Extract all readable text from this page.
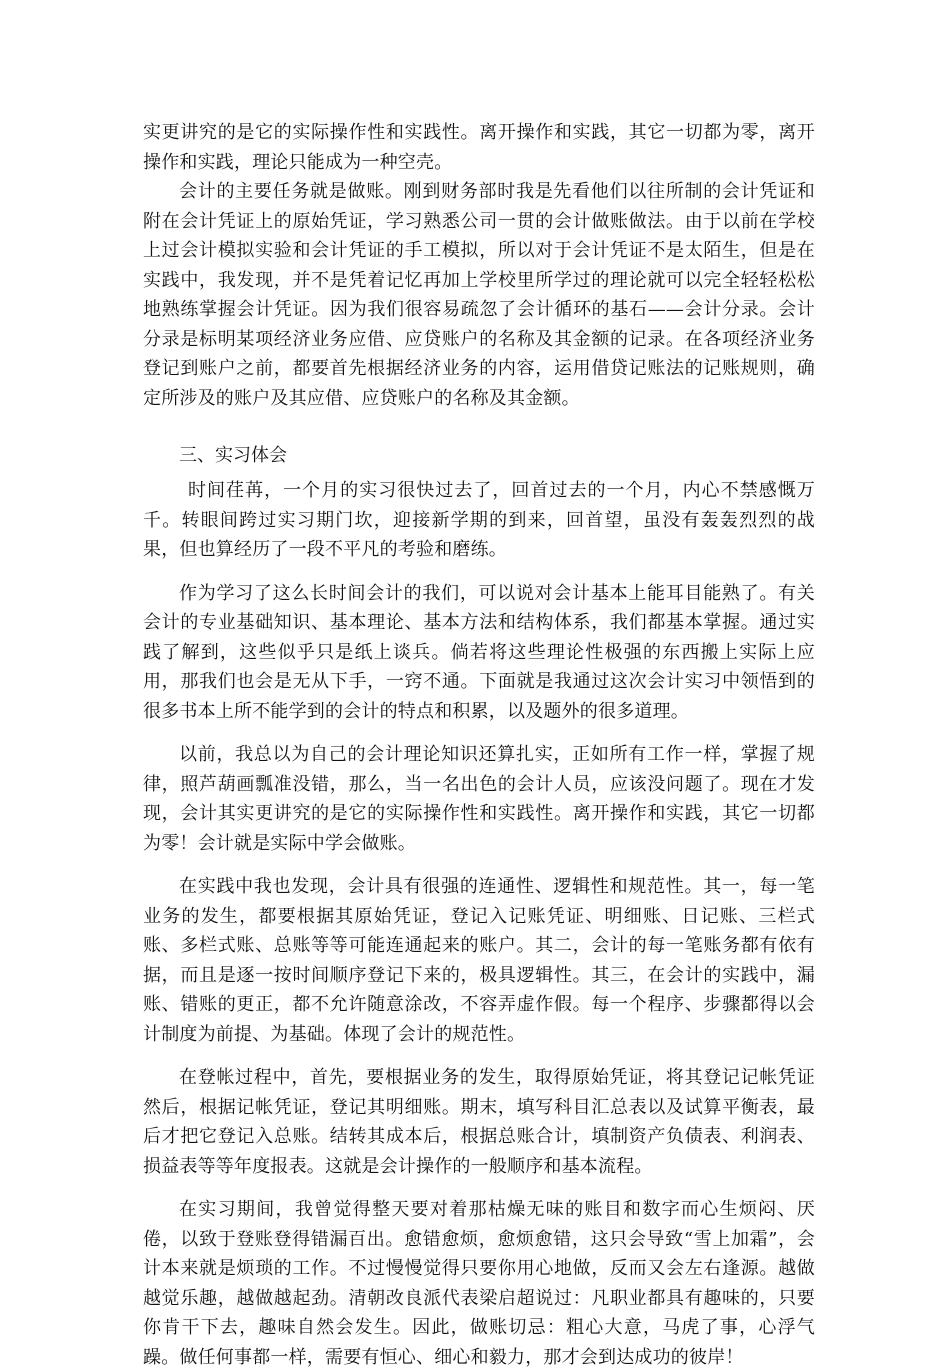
实更讲究的是它的实际操作性和实践性。离开操作和实践，其它一切都为零，离开操作和实践，理论只能成为一种空壳。

会计的主要任务就是做账。刚到财务部时我是先看他们以往所制的会计凭证和附在会计凭证上的原始凭证，学习熟悉公司一贯的会计做账做法。由于以前在学校上过会计模拟实验和会计凭证的手工模拟，所以对于会计凭证不是太陌生，但是在实践中，我发现，并不是凭着记忆再加上学校里所学过的理论就可以完全轻轻松松地熟练掌握会计凭证。因为我们很容易疏忽了会计循环的基石——会计分录。会计分录是标明某项经济业务应借、应贷账户的名称及其金额的记录。在各项经济业务登记到账户之前，都要首先根据经济业务的内容，运用借贷记账法的记账规则，确定所涉及的账户及其应借、应贷账户的名称及其金额。

三、实习体会

时间荏苒，一个月的实习很快过去了，回首过去的一个月，内心不禁感慨万千。转眼间跨过实习期门坎，迎接新学期的到来，回首望，虽没有轰轰烈烈的战果，但也算经历了一段不平凡的考验和磨练。

作为学习了这么长时间会计的我们，可以说对会计基本上能耳目能熟了。有关会计的专业基础知识、基本理论、基本方法和结构体系，我们都基本掌握。通过实践了解到，这些似乎只是纸上谈兵。倘若将这些理论性极强的东西搬上实际上应用，那我们也会是无从下手，一窍不通。下面就是我通过这次会计实习中领悟到的很多书本上所不能学到的会计的特点和积累，以及题外的很多道理。

以前，我总以为自己的会计理论知识还算扎实，正如所有工作一样，掌握了规律，照芦葫画瓢准没错，那么，当一名出色的会计人员，应该没问题了。现在才发现，会计其实更讲究的是它的实际操作性和实践性。离开操作和实践，其它一切都为零！会计就是实际中学会做账。

在实践中我也发现，会计具有很强的连通性、逻辑性和规范性。其一，每一笔业务的发生，都要根据其原始凭证，登记入记账凭证、明细账、日记账、三栏式账、多栏式账、总账等等可能连通起来的账户。其二，会计的每一笔账务都有依有据，而且是逐一按时间顺序登记下来的，极具逻辑性。其三，在会计的实践中，漏账、错账的更正，都不允许随意涂改，不容弄虚作假。每一个程序、步骤都得以会计制度为前提、为基础。体现了会计的规范性。

在登帐过程中，首先，要根据业务的发生，取得原始凭证，将其登记记帐凭证然后，根据记帐凭证，登记其明细账。期末，填写科目汇总表以及试算平衡表，最后才把它登记入总账。结转其成本后，根据总账合计，填制资产负债表、利润表、损益表等等年度报表。这就是会计操作的一般顺序和基本流程。

在实习期间，我曾觉得整天要对着那枯燥无味的账目和数字而心生烦闷、厌倦，以致于登账登得错漏百出。愈错愈烦，愈烦愈错，这只会导致“雪上加霜”，会计本来就是烦琐的工作。不过慢慢觉得只要你用心地做，反而又会左右逢源。越做越觉乐趣，越做越起劲。清朝改良派代表梁启超说过：凡职业都具有趣味的，只要你肯干下去，趣味自然会发生。因此，做账切忌：粗心大意，马虎了事，心浮气躁。做任何事都一样，需要有恒心、细心和毅力，那才会到达成功的彼岸！
